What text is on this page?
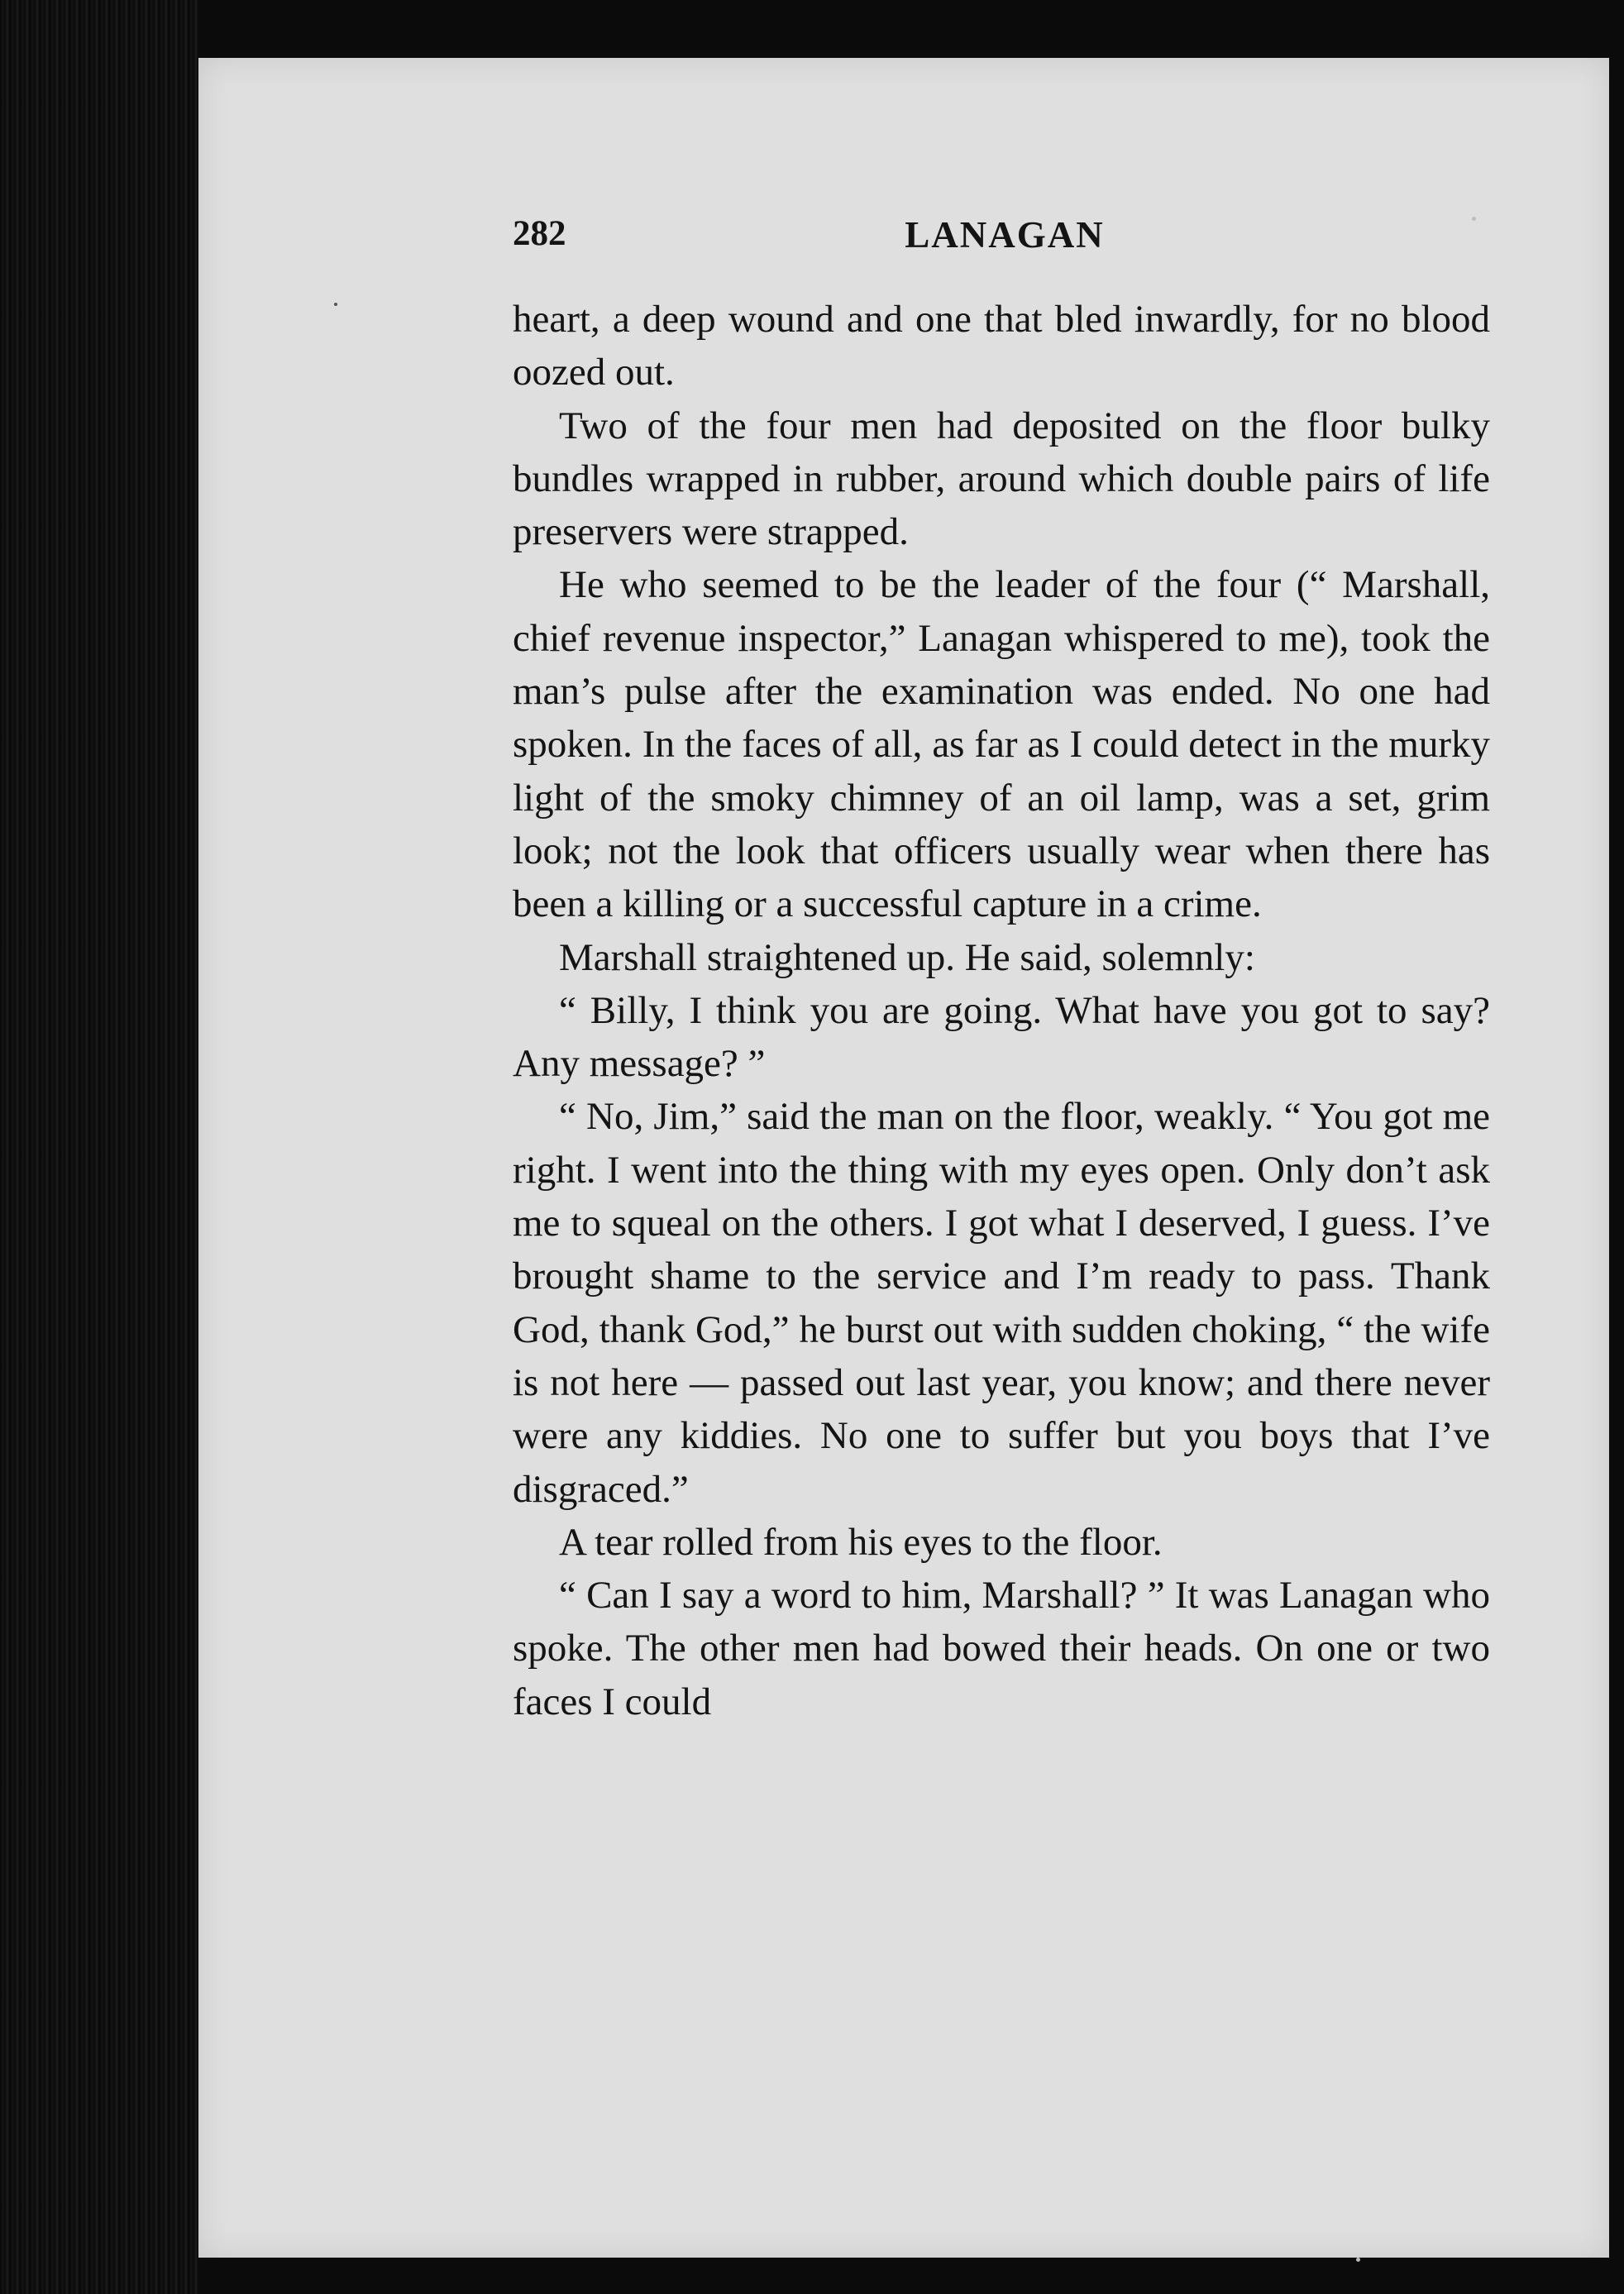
282	LANAGAN

heart, a deep wound and one that bled inwardly, for no blood oozed out.

Two of the four men had deposited on the floor bulky bundles wrapped in rubber, around which double pairs of life preservers were strapped.

He who seemed to be the leader of the four (“ Marshall, chief revenue inspector,” Lanagan whispered to me), took the man’s pulse after the examination was ended. No one had spoken. In the faces of all, as far as I could detect in the murky light of the smoky chimney of an oil lamp, was a set, grim look; not the look that officers usually wear when there has been a killing or a successful capture in a crime.

Marshall straightened up. He said, solemnly:

“ Billy, I think you are going. What have you got to say? Any message? ”

“ No, Jim,” said the man on the floor, weakly. “ You got me right. I went into the thing with my eyes open. Only don’t ask me to squeal on the others. I got what I deserved, I guess. I’ve brought shame to the service and I’m ready to pass. Thank God, thank God,” he burst out with sudden choking, “ the wife is not here — passed out last year, you know; and there never were any kiddies. No one to suffer but you boys that I’ve disgraced.”

A tear rolled from his eyes to the floor.

“ Can I say a word to him, Marshall? ” It was Lanagan who spoke. The other men had bowed their heads. On one or two faces I could
